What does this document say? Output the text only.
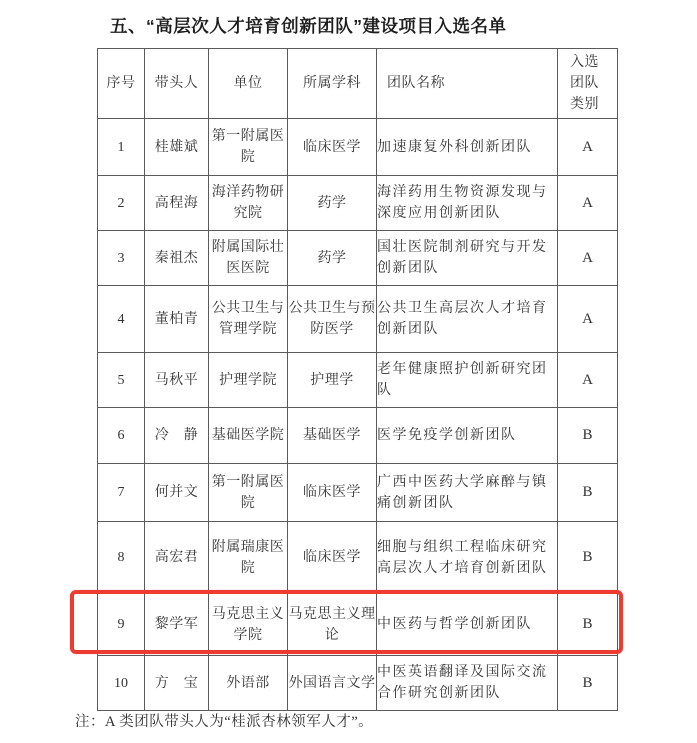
五、“高层次人才培育创新团队”建设项目入选名单
序号	带头人	单位	所属学科	团队名称	入选团队类别
1	桂雄斌	第一附属医院	临床医学	加速康复外科创新团队	A
2	高程海	海洋药物研究院	药学	海洋药用生物资源发现与深度应用创新团队	A
3	秦祖杰	附属国际壮医医院	药学	国壮医院制剂研究与开发创新团队	A
4	董柏青	公共卫生与管理学院	公共卫生与预防医学	公共卫生高层次人才培育创新团队	A
5	马秋平	护理学院	护理学	老年健康照护创新研究团队	A
6	冷　静	基础医学院	基础医学	医学免疫学创新团队	B
7	何并文	第一附属医院	临床医学	广西中医药大学麻醉与镇痛创新团队	B
8	高宏君	附属瑞康医院	临床医学	细胞与组织工程临床研究高层次人才培育创新团队	B
9	黎学军	马克思主义学院	马克思主义理论	中医药与哲学创新团队	B
10	方　宝	外语部	外国语言文学	中医英语翻译及国际交流合作研究创新团队	B
注：A 类团队带头人为“桂派杏林领军人才”。
